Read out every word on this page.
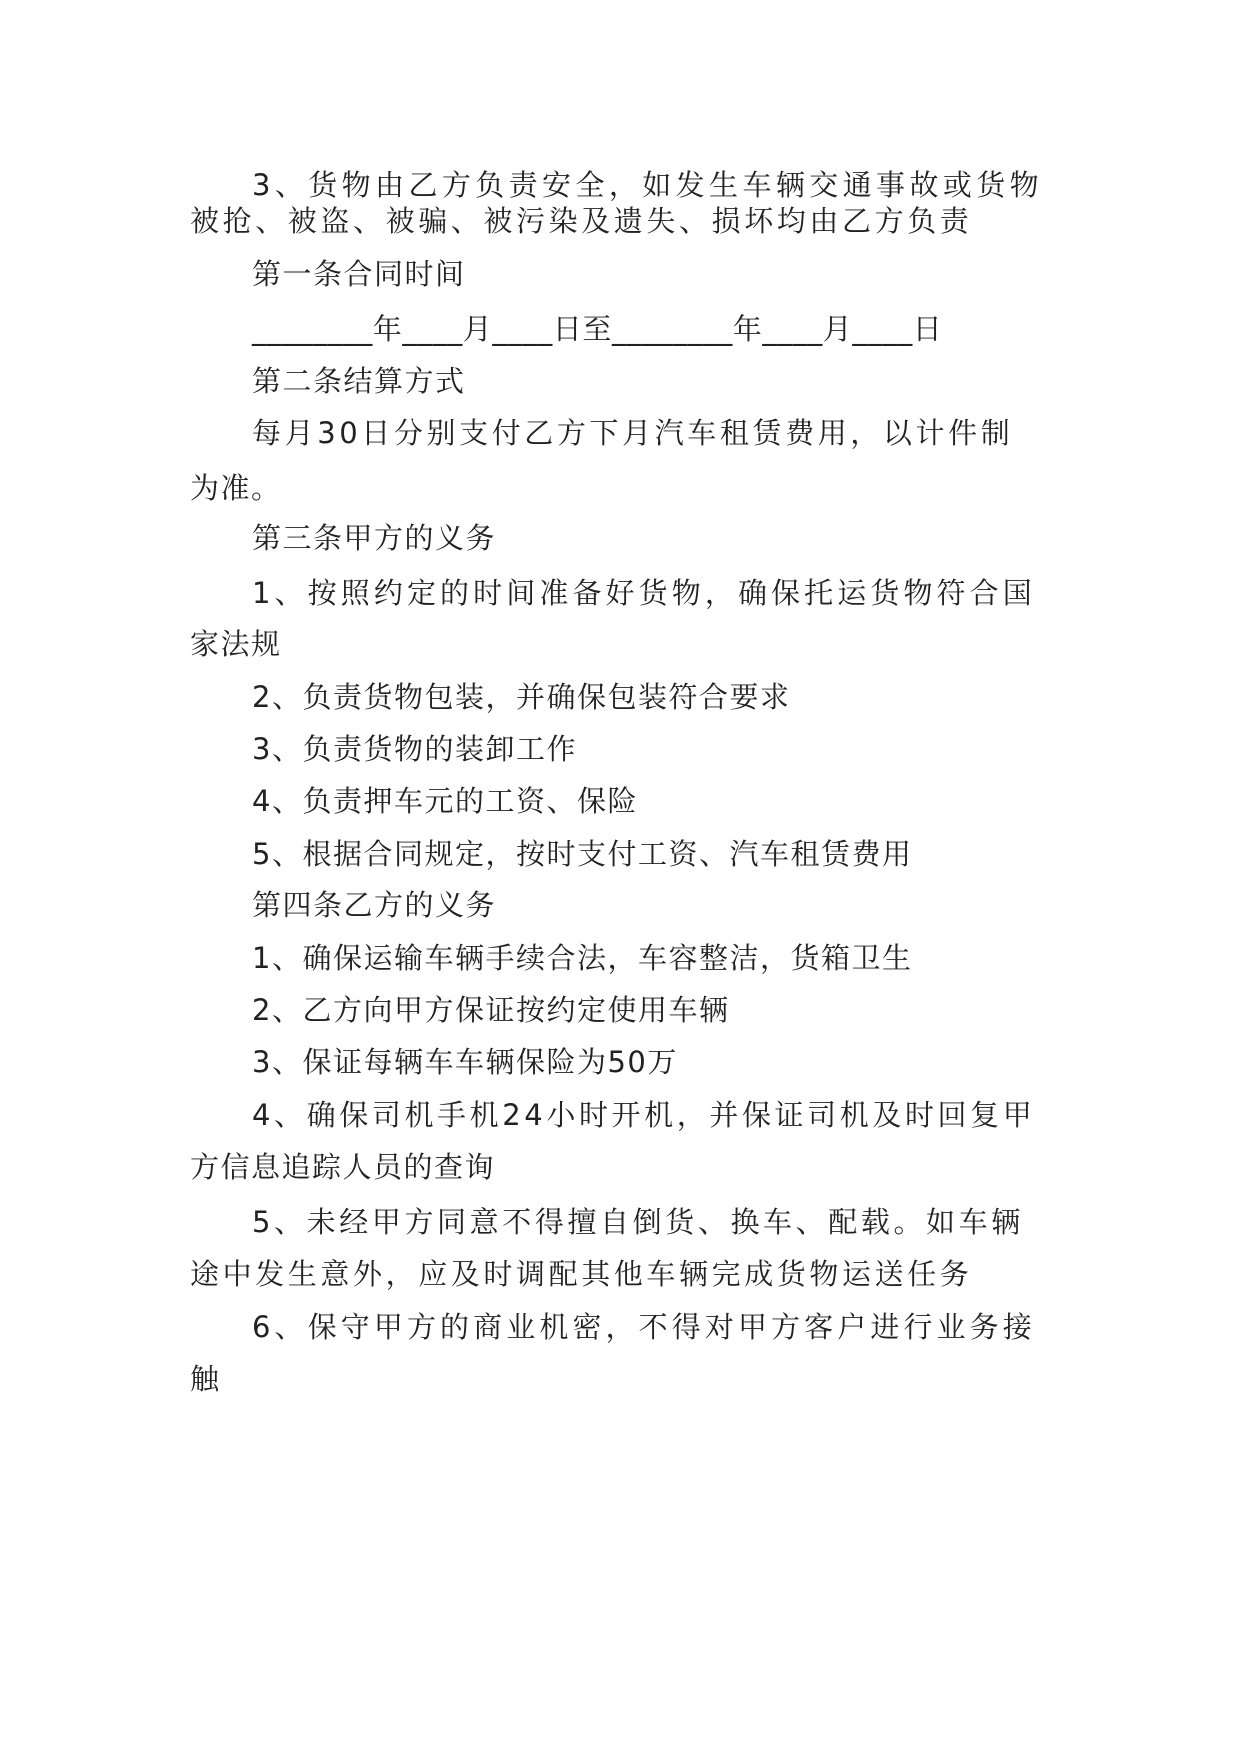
3、货物由乙方负责安全，如发生车辆交通事故或货物
被抢、被盗、被骗、被污染及遗失、损坏均由乙方负责
第一条合同时间
________年____月____日至________年____月____日
第二条结算方式
每月30日分别支付乙方下月汽车租赁费用，以计件制
为准。
第三条甲方的义务
1、按照约定的时间准备好货物，确保托运货物符合国
家法规
2、负责货物包装，并确保包装符合要求
3、负责货物的装卸工作
4、负责押车元的工资、保险
5、根据合同规定，按时支付工资、汽车租赁费用
第四条乙方的义务
1、确保运输车辆手续合法，车容整洁，货箱卫生
2、乙方向甲方保证按约定使用车辆
3、保证每辆车车辆保险为50万
4、确保司机手机24小时开机，并保证司机及时回复甲
方信息追踪人员的查询
5、未经甲方同意不得擅自倒货、换车、配载。如车辆
途中发生意外，应及时调配其他车辆完成货物运送任务
6、保守甲方的商业机密，不得对甲方客户进行业务接
触
